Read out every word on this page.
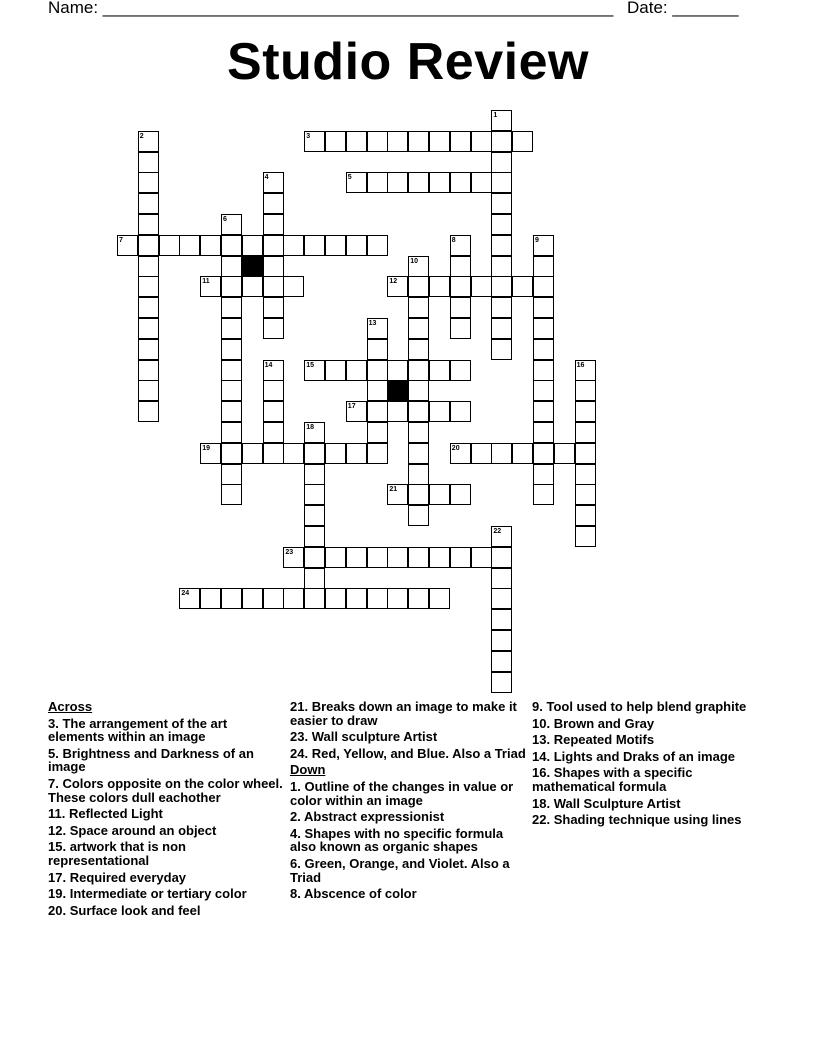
Name: ______________________________________________________ Date: _______
Studio Review
1
2	3
4	5
6
7	8	9
10
11	12
13
14	15	16
17
18
19	20
21
22
23
24
Across
3. The arrangement of the art elements within an image
5. Brightness and Darkness of an image
7. Colors opposite on the color wheel. These colors dull eachother
11. Reflected Light
12. Space around an object
15. artwork that is non representational
17. Required everyday
19. Intermediate or tertiary color
20. Surface look and feel
21. Breaks down an image to make it easier to draw
23. Wall sculpture Artist
24. Red, Yellow, and Blue. Also a Triad
Down
1. Outline of the changes in value or color within an image
2. Abstract expressionist
4. Shapes with no specific formula also known as organic shapes
6. Green, Orange, and Violet. Also a Triad
8. Abscence of color
9. Tool used to help blend graphite
10. Brown and Gray
13. Repeated Motifs
14. Lights and Draks of an image
16. Shapes with a specific mathematical formula
18. Wall Sculpture Artist
22. Shading technique using lines
